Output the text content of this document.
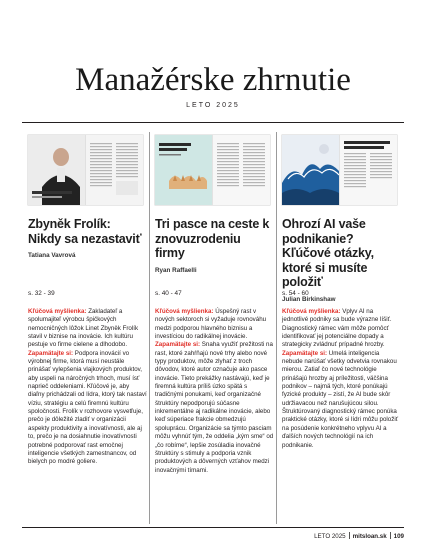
Manažérske zhrnutie
LETO 2025
Zbyněk Frolík: Nikdy sa nezastaviť
Tatiana Vavrová
s. 32 - 39

Kľúčová myšlienka: Zakladateľ a spolumajiteľ výrobcu špičkových nemocničných lôžok Linet Zbyněk Frolík stavil v biznise na inovácie. Ich kultúru pestuje vo firme cielene a dlhodobo.

Zapamätajte si: Podpora inovácií vo výrobnej firme, ktorá musí neustále prinášať vylepšenia vlajkových produktov, aby uspeli na náročných trhoch, musí ísť naprieč oddeleniami. Kľúčové je, aby diaľny prichádzali od lídra, ktorý tak nastaví víziu, stratégiu a celú firemnú kultúru spoločnosti. Frolík v rozhovore vysvetľuje, prečo je dôležité zladiť v organizácii aspekty produktivity a inovatívnosti, ale aj to, prečo je na dosiahnutie inovatívnosti potrebné podporovať rast emočnej inteligencie všetkých zamestnancov, od bielych po modré goliere.

Tri pasce na ceste k znovuzrodeniu firmy
Ryan Raffaelli
s. 40 - 47

Kľúčová myšlienka: Úspešný rast v nových sektoroch si vyžaduje rovnováhu medzi podporou hlavného biznisu a investíciou do radikálnej inovácie.

Zapamätajte si: Snaha využiť prežitosti na rast, ktoré zahŕňajú nové trhy alebo nové typy produktov, môže zlyhať z troch dôvodov, ktoré autor označuje ako pasce inovácie. Tieto prekážky nastávajú, keď je firemná kultúra príliš úzko spätá s tradičnými ponukami, keď organizačné štruktúry nepodporujú súčasne inkrementálne aj radikálne inovácie, alebo keď súperiace frakcie obmedzujú spoluprácu. Organizácie sa týmto pasciam môžu vyhnúť tým, že oddelia „kým sme“ od „čo robíme“, lepšie zosúladia inovačné štruktúry s stimuly a podporia vznik produktových a dôverných vzťahov medzi inovačnými tímami.

Ohrozí AI vaše podnikanie? Kľúčové otázky, ktoré si musíte položiť
Julian Birkinshaw
s. 54 - 60

Kľúčová myšlienka: Vplyv AI na jednotlivé podniky sa bude výrazne líšiť. Diagnostický rámec vám môže pomôcť identifikovať jej potenciálne dopady a strategicky zvládnuť prípadné hrozby.

Zapamätajte si: Umelá inteligencia nebude narúšať všetky odvetvia rovnakou mierou. Zatiaľ čo nové technológie prinášajú hrozby aj príležitosti, väčšina podnikov – najmä tých, ktoré ponúkajú fyzické produkty – zistí, že AI bude skôr udržiavacou než narušujúcou silou. Štruktúrovaný diagnostický rámec ponúka praktické otázky, ktoré si lídri môžu položiť na posúdenie konkrétneho vplyvu AI a ďalších nových technológií na ich podnikanie.

LETO 2025 mitsloan.sk 109
